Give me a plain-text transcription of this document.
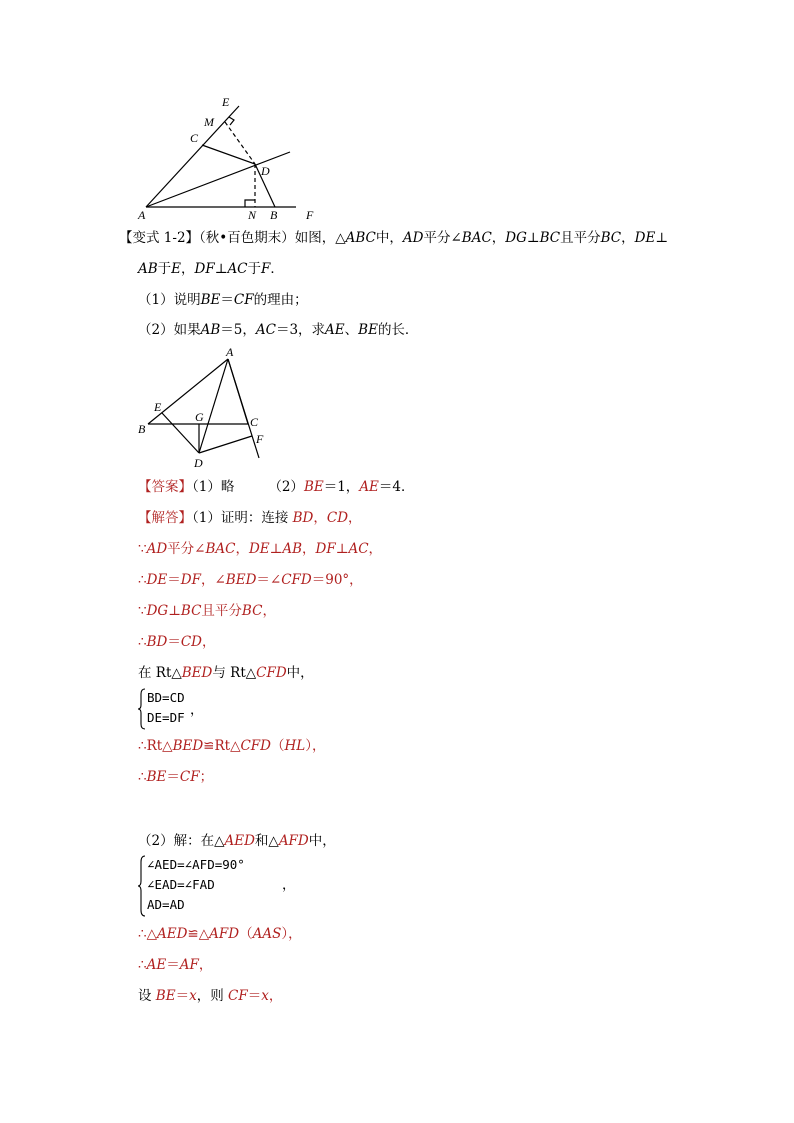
E
M
C
D
A	N B F
【变式 1-2】（秋•百色期末）如图，△ABC中，AD平分∠BAC，DG⊥BC且平分BC，DE⊥
AB于E，DF⊥AC于F．
（1）说明BE＝CF的理由；
（2）如果AB＝5，AC＝3，求AE、BE的长．
A
E
G	C
B
F
D
【答案】（1）略	（2）BE＝1，AE＝4．
【解答】（1）证明：连接 BD，CD，
∵AD平分∠BAC，DE⊥AB，DF⊥AC，
∴DE＝DF，∠BED＝∠CFD＝90°，
∵DG⊥BC且平分BC，
∴BD＝CD，
在 Rt△BED与 Rt△CFD中，
BD=CD
DE=DF ，
∴Rt△BED≌Rt△CFD（HL），
∴BE＝CF；
（2）解：在△AED和△AFD中，
∠AED=∠AFD=90°
∠EAD=∠FAD
AD=AD
，
∴△AED≌△AFD（AAS），
∴AE＝AF，
设 BE＝x，则 CF＝x，
